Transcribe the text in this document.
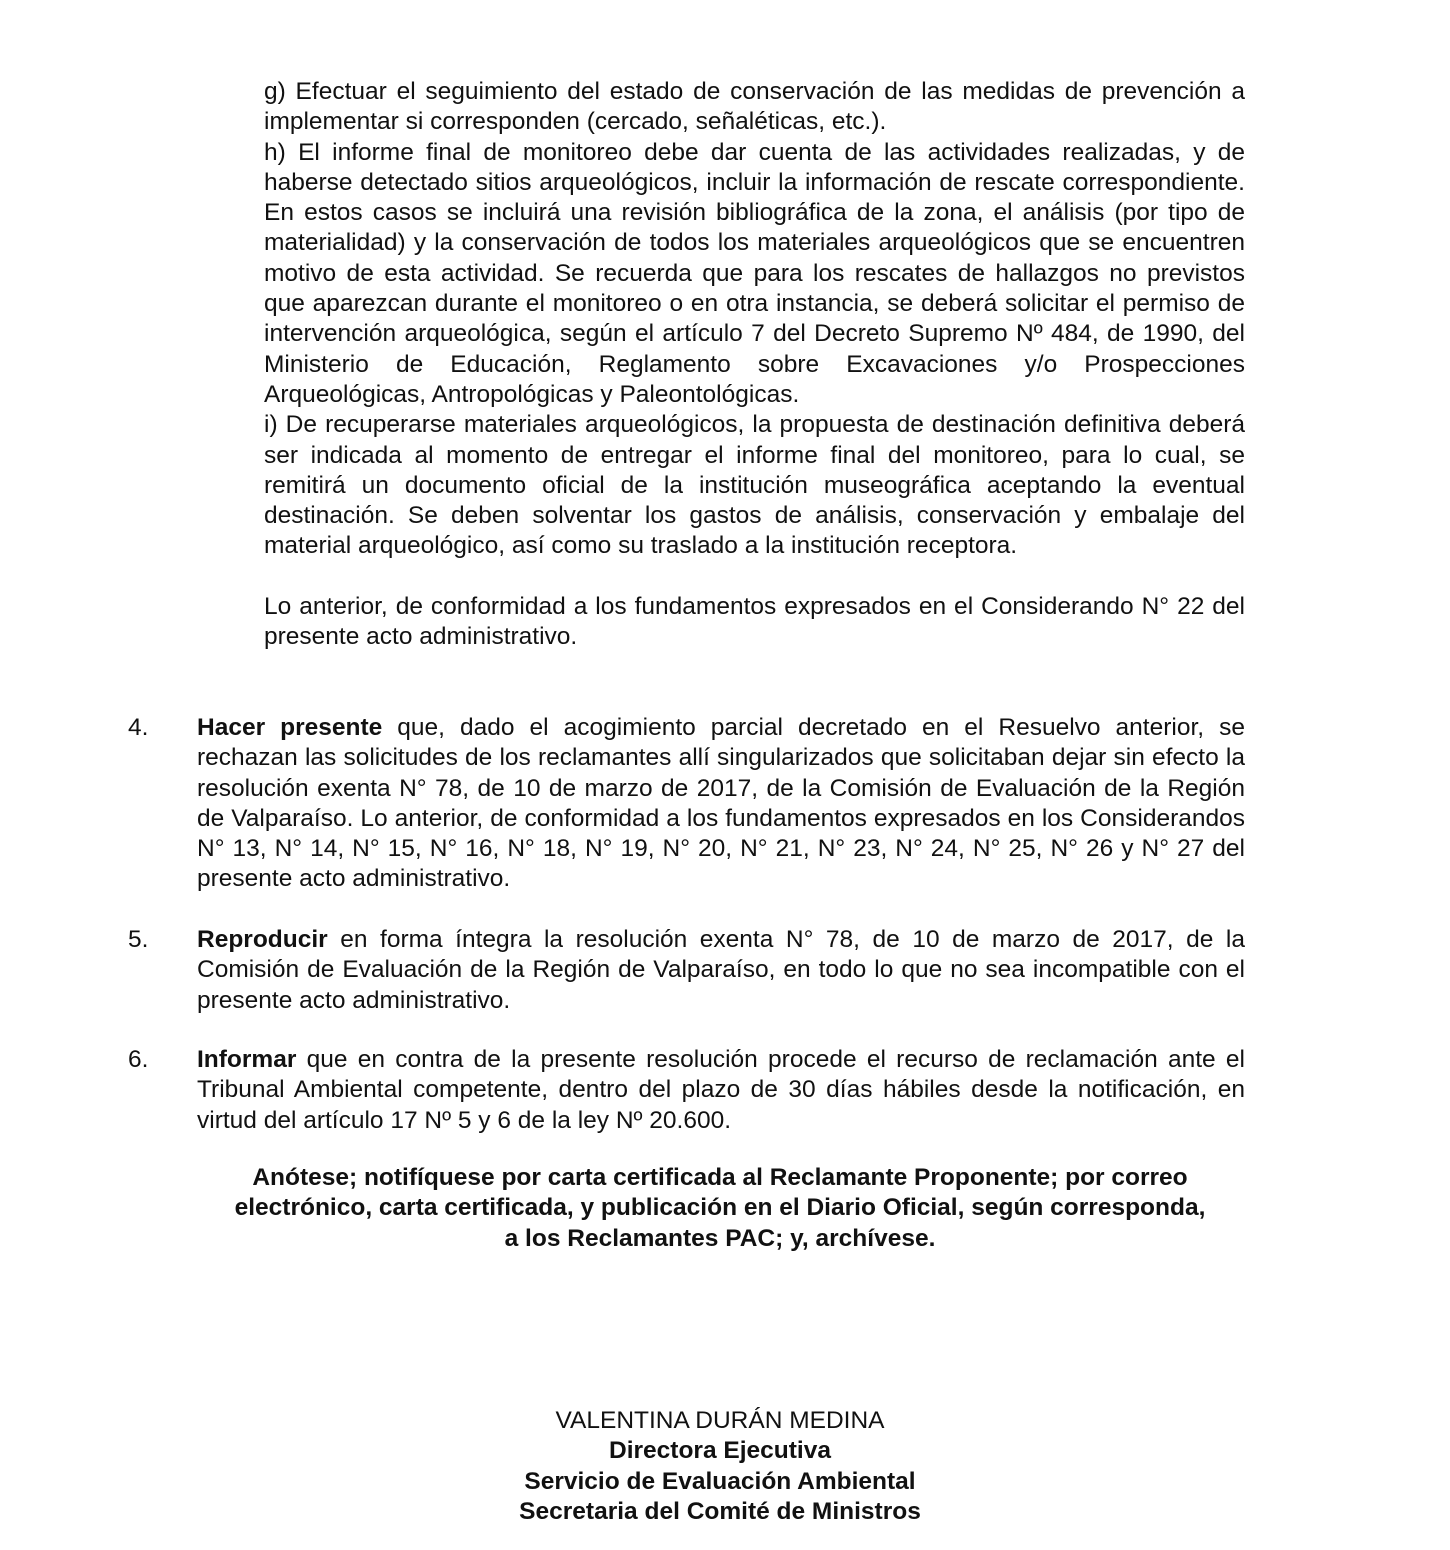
g) Efectuar el seguimiento del estado de conservación de las medidas de prevención a implementar si corresponden (cercado, señaléticas, etc.).

h) El informe final de monitoreo debe dar cuenta de las actividades realizadas, y de haberse detectado sitios arqueológicos, incluir la información de rescate correspondiente. En estos casos se incluirá una revisión bibliográfica de la zona, el análisis (por tipo de materialidad) y la conservación de todos los materiales arqueológicos que se encuentren motivo de esta actividad. Se recuerda que para los rescates de hallazgos no previstos que aparezcan durante el monitoreo o en otra instancia, se deberá solicitar el permiso de intervención arqueológica, según el artículo 7 del Decreto Supremo Nº 484, de 1990, del Ministerio de Educación, Reglamento sobre Excavaciones y/o Prospecciones Arqueológicas, Antropológicas y Paleontológicas.

i) De recuperarse materiales arqueológicos, la propuesta de destinación definitiva deberá ser indicada al momento de entregar el informe final del monitoreo, para lo cual, se remitirá un documento oficial de la institución museográfica aceptando la eventual destinación. Se deben solventar los gastos de análisis, conservación y embalaje del material arqueológico, así como su traslado a la institución receptora.

Lo anterior, de conformidad a los fundamentos expresados en el Considerando N° 22 del presente acto administrativo.

4.	Hacer presente que, dado el acogimiento parcial decretado en el Resuelvo anterior, se rechazan las solicitudes de los reclamantes allí singularizados que solicitaban dejar sin efecto la resolución exenta N° 78, de 10 de marzo de 2017, de la Comisión de Evaluación de la Región de Valparaíso. Lo anterior, de conformidad a los fundamentos expresados en los Considerandos N° 13, N° 14, N° 15, N° 16, N° 18, N° 19, N° 20, N° 21, N° 23, N° 24, N° 25, N° 26 y N° 27 del presente acto administrativo.

5.	Reproducir en forma íntegra la resolución exenta N° 78, de 10 de marzo de 2017, de la Comisión de Evaluación de la Región de Valparaíso, en todo lo que no sea incompatible con el presente acto administrativo.

6.	Informar que en contra de la presente resolución procede el recurso de reclamación ante el Tribunal Ambiental competente, dentro del plazo de 30 días hábiles desde la notificación, en virtud del artículo 17 Nº 5 y 6 de la ley Nº 20.600.

Anótese; notifíquese por carta certificada al Reclamante Proponente; por correo
electrónico, carta certificada, y publicación en el Diario Oficial, según corresponda,
a los Reclamantes PAC; y, archívese.
VALENTINA DURÁN MEDINA
Directora Ejecutiva
Servicio de Evaluación Ambiental
Secretaria del Comité de Ministros
